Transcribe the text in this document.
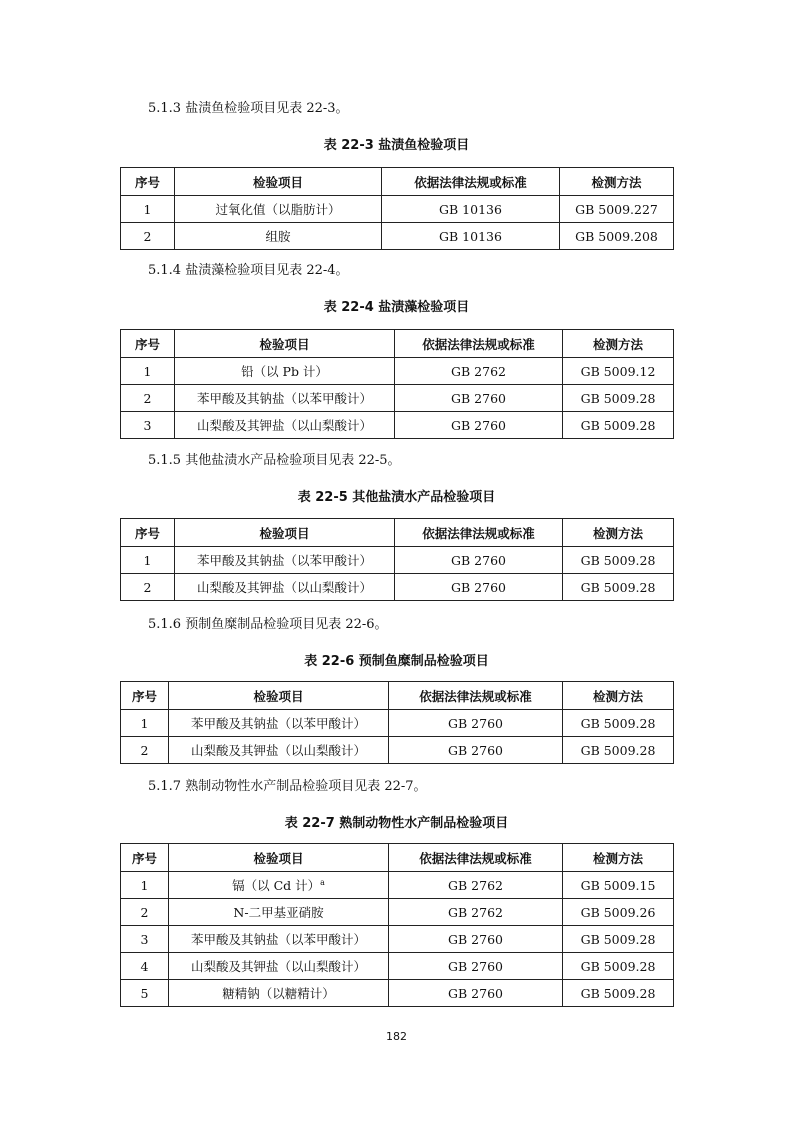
5.1.3 盐渍鱼检验项目见表 22-3。
表 22-3 盐渍鱼检验项目
序号	检验项目	依据法律法规或标准	检测方法
1	过氧化值（以脂肪计）	GB 10136	GB 5009.227
2	组胺	GB 10136	GB 5009.208
5.1.4 盐渍藻检验项目见表 22-4。
表 22-4 盐渍藻检验项目
序号	检验项目	依据法律法规或标准	检测方法
1	铅（以 Pb 计）	GB 2762	GB 5009.12
2	苯甲酸及其钠盐（以苯甲酸计）	GB 2760	GB 5009.28
3	山梨酸及其钾盐（以山梨酸计）	GB 2760	GB 5009.28
5.1.5 其他盐渍水产品检验项目见表 22-5。
表 22-5 其他盐渍水产品检验项目
序号	检验项目	依据法律法规或标准	检测方法
1	苯甲酸及其钠盐（以苯甲酸计）	GB 2760	GB 5009.28
2	山梨酸及其钾盐（以山梨酸计）	GB 2760	GB 5009.28
5.1.6 预制鱼糜制品检验项目见表 22-6。
表 22-6 预制鱼糜制品检验项目
序号	检验项目	依据法律法规或标准	检测方法
1	苯甲酸及其钠盐（以苯甲酸计）	GB 2760	GB 5009.28
2	山梨酸及其钾盐（以山梨酸计）	GB 2760	GB 5009.28
5.1.7 熟制动物性水产制品检验项目见表 22-7。
表 22-7 熟制动物性水产制品检验项目
序号	检验项目	依据法律法规或标准	检测方法
1	镉（以 Cd 计）$^a$	GB 2762	GB 5009.15
2	N-二甲基亚硝胺	GB 2762	GB 5009.26
3	苯甲酸及其钠盐（以苯甲酸计）	GB 2760	GB 5009.28
4	山梨酸及其钾盐（以山梨酸计）	GB 2760	GB 5009.28
5	糖精钠（以糖精计）	GB 2760	GB 5009.28
182
